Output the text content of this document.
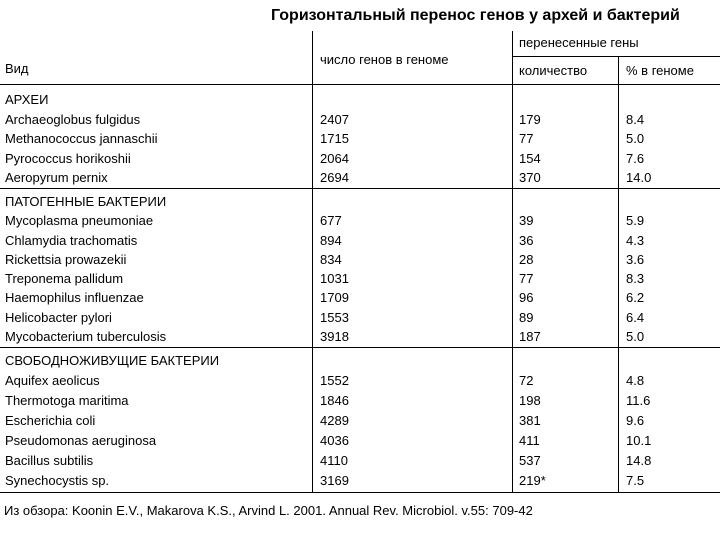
Горизонтальный перенос генов у архей и бактерий
Вид
число генов в геноме
перенесенные гены
количество	% в геноме
АРХЕИ
Archaeoglobus fulgidus
Methanococcus jannaschii
Pyrococcus horikoshii
Aeropyrum pernix

2407
1715
2064
2694

179
77
154
370

8.4
5.0
7.6
14.0
ПАТОГЕННЫЕ БАКТЕРИИ
Mycoplasma pneumoniae
Chlamydia trachomatis
Rickettsia prowazekii
Treponema pallidum
Haemophilus influenzae
Helicobacter pylori
Mycobacterium tuberculosis

677
894
834
1031
1709
1553
3918

39
36
28
77
96
89
187

5.9
4.3
3.6
8.3
6.2
6.4
5.0
СВОБОДНОЖИВУЩИЕ БАКТЕРИИ
Aquifex aeolicus
Thermotoga maritima
Escherichia coli
Pseudomonas aeruginosa
Bacillus subtilis
Synechocystis sp.

1552
1846
4289
4036
4110
3169

72
198
381
411
537
219*

4.8
11.6
9.6
10.1
14.8
7.5
Из обзора: Koonin E.V., Makarova K.S., Arvind L. 2001. Annual Rev. Microbiol. v.55: 709-42
